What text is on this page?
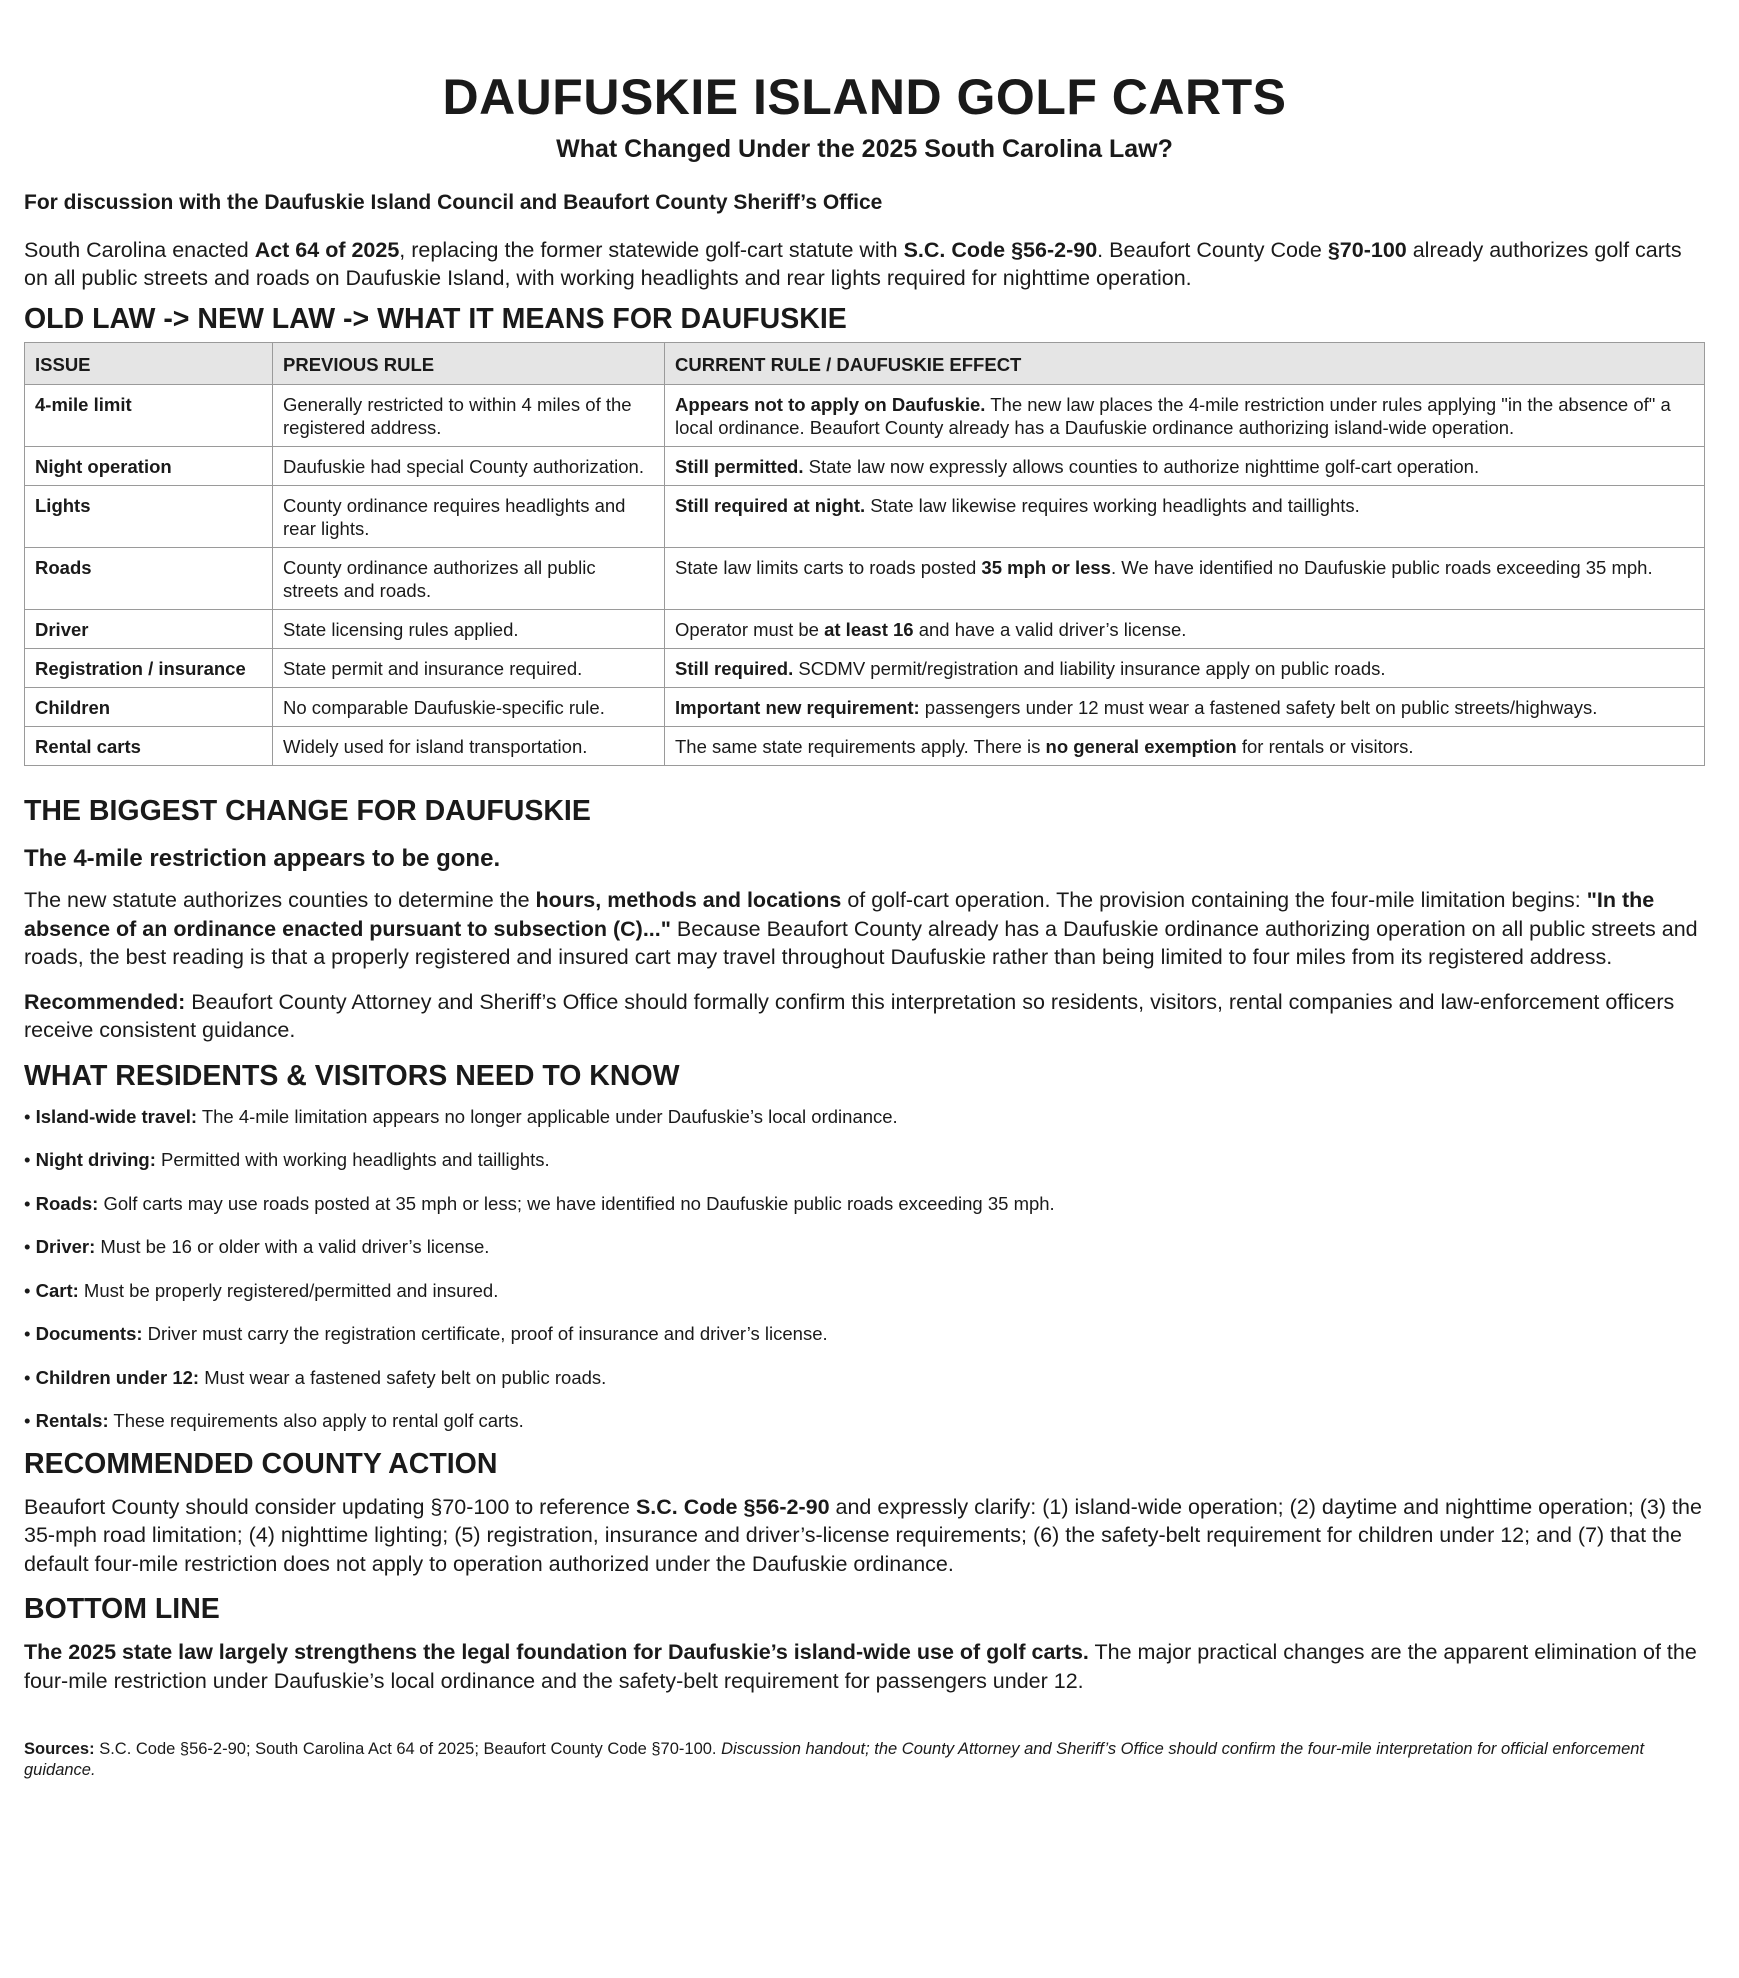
DAUFUSKIE ISLAND GOLF CARTS
What Changed Under the 2025 South Carolina Law?
For discussion with the Daufuskie Island Council and Beaufort County Sheriff’s Office

South Carolina enacted Act 64 of 2025, replacing the former statewide golf-cart statute with S.C. Code §56-2-90. Beaufort County Code §70-100 already authorizes golf carts on all public streets and roads on Daufuskie Island, with working headlights and rear lights required for nighttime operation.

OLD LAW -> NEW LAW -> WHAT IT MEANS FOR DAUFUSKIE
ISSUE	PREVIOUS RULE	CURRENT RULE / DAUFUSKIE EFFECT
4-mile limit	Generally restricted to within 4 miles of the registered address.	Appears not to apply on Daufuskie. The new law places the 4-mile restriction under rules applying "in the absence of" a local ordinance. Beaufort County already has a Daufuskie ordinance authorizing island-wide operation.
Night operation	Daufuskie had special County authorization.	Still permitted. State law now expressly allows counties to authorize nighttime golf-cart operation.
Lights	County ordinance requires headlights and rear lights.	Still required at night. State law likewise requires working headlights and taillights.
Roads	County ordinance authorizes all public streets and roads.	State law limits carts to roads posted 35 mph or less. We have identified no Daufuskie public roads exceeding 35 mph.
Driver	State licensing rules applied.	Operator must be at least 16 and have a valid driver’s license.
Registration / insurance	State permit and insurance required.	Still required. SCDMV permit/registration and liability insurance apply on public roads.
Children	No comparable Daufuskie-specific rule.	Important new requirement: passengers under 12 must wear a fastened safety belt on public streets/highways.
Rental carts	Widely used for island transportation.	The same state requirements apply. There is no general exemption for rentals or visitors.
THE BIGGEST CHANGE FOR DAUFUSKIE
The 4-mile restriction appears to be gone.

The new statute authorizes counties to determine the hours, methods and locations of golf-cart operation. The provision containing the four-mile limitation begins: "In the absence of an ordinance enacted pursuant to subsection (C)..." Because Beaufort County already has a Daufuskie ordinance authorizing operation on all public streets and roads, the best reading is that a properly registered and insured cart may travel throughout Daufuskie rather than being limited to four miles from its registered address.

Recommended: Beaufort County Attorney and Sheriff’s Office should formally confirm this interpretation so residents, visitors, rental companies and law-enforcement officers receive consistent guidance.

WHAT RESIDENTS & VISITORS NEED TO KNOW
• Island-wide travel: The 4-mile limitation appears no longer applicable under Daufuskie’s local ordinance.
• Night driving: Permitted with working headlights and taillights.
• Roads: Golf carts may use roads posted at 35 mph or less; we have identified no Daufuskie public roads exceeding 35 mph.
• Driver: Must be 16 or older with a valid driver’s license.
• Cart: Must be properly registered/permitted and insured.
• Documents: Driver must carry the registration certificate, proof of insurance and driver’s license.
• Children under 12: Must wear a fastened safety belt on public roads.
• Rentals: These requirements also apply to rental golf carts.
RECOMMENDED COUNTY ACTION

Beaufort County should consider updating §70-100 to reference S.C. Code §56-2-90 and expressly clarify: (1) island-wide operation; (2) daytime and nighttime operation; (3) the 35-mph road limitation; (4) nighttime lighting; (5) registration, insurance and driver’s-license requirements; (6) the safety-belt requirement for children under 12; and (7) that the default four-mile restriction does not apply to operation authorized under the Daufuskie ordinance.

BOTTOM LINE

The 2025 state law largely strengthens the legal foundation for Daufuskie’s island-wide use of golf carts. The major practical changes are the apparent elimination of the four-mile restriction under Daufuskie’s local ordinance and the safety-belt requirement for passengers under 12.

Sources: S.C. Code §56-2-90; South Carolina Act 64 of 2025; Beaufort County Code §70-100. Discussion handout; the County Attorney and Sheriff’s Office should confirm the four-mile interpretation for official enforcement guidance.
